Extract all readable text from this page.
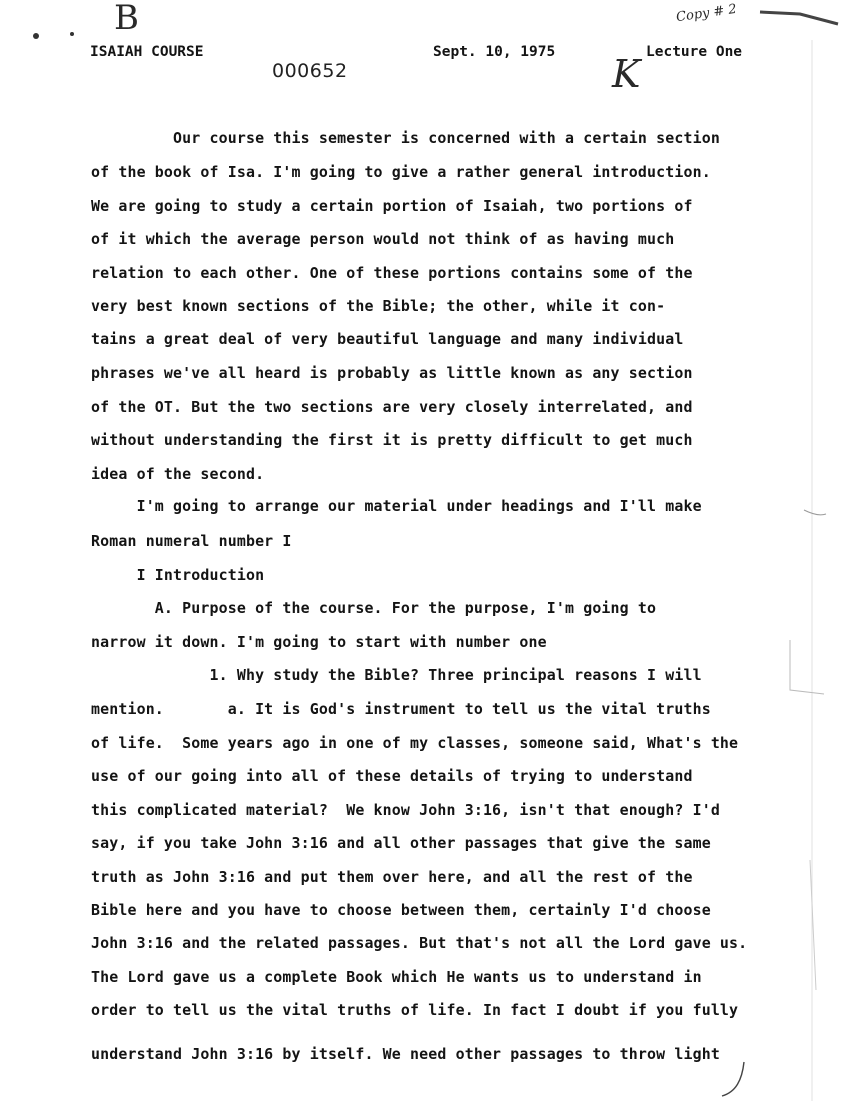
B	Copy # 2
K
ISAIAH COURSE
000652
Sept. 10, 1975	Lecture One
Our course this semester is concerned with a certain section
of the book of Isa. I'm going to give a rather general introduction.
We are going to study a certain portion of Isaiah, two portions of
of it which the average person would not think of as having much
relation to each other. One of these portions contains some of the
very best known sections of the Bible; the other, while it con-
tains a great deal of very beautiful language and many individual
phrases we've all heard is probably as little known as any section
of the OT. But the two sections are very closely interrelated, and
without understanding the first it is pretty difficult to get much
idea of the second.
I'm going to arrange our material under headings and I'll make
Roman numeral number I
I Introduction
A. Purpose of the course. For the purpose, I'm going to
narrow it down. I'm going to start with number one
1. Why study the Bible? Three principal reasons I will
mention.       a. It is God's instrument to tell us the vital truths
of life.  Some years ago in one of my classes, someone said, What's the
use of our going into all of these details of trying to understand
this complicated material?  We know John 3:16, isn't that enough? I'd
say, if you take John 3:16 and all other passages that give the same
truth as John 3:16 and put them over here, and all the rest of the
Bible here and you have to choose between them, certainly I'd choose
John 3:16 and the related passages. But that's not all the Lord gave us.
The Lord gave us a complete Book which He wants us to understand in
order to tell us the vital truths of life. In fact I doubt if you fully
understand John 3:16 by itself. We need other passages to throw light
